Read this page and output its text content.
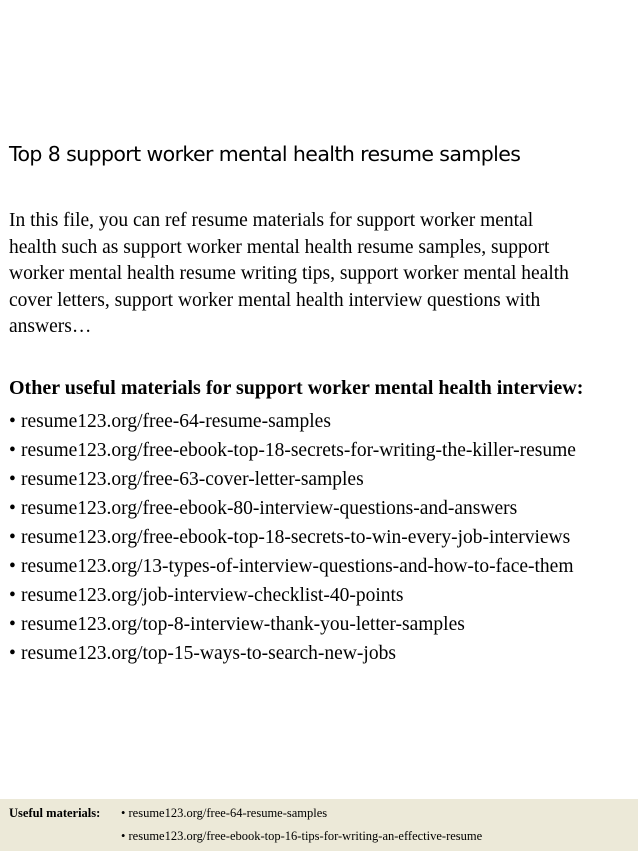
Top 8 support worker mental health resume samples

In this file, you can ref resume materials for support worker mental
health such as support worker mental health resume samples, support
worker mental health resume writing tips, support worker mental health
cover letters, support worker mental health interview questions with
answers…

Other useful materials for support worker mental health interview:
• resume123.org/free-64-resume-samples
• resume123.org/free-ebook-top-18-secrets-for-writing-the-killer-resume
• resume123.org/free-63-cover-letter-samples
• resume123.org/free-ebook-80-interview-questions-and-answers
• resume123.org/free-ebook-top-18-secrets-to-win-every-job-interviews
• resume123.org/13-types-of-interview-questions-and-how-to-face-them
• resume123.org/job-interview-checklist-40-points
• resume123.org/top-8-interview-thank-you-letter-samples
• resume123.org/top-15-ways-to-search-new-jobs
Useful materials: • resume123.org/free-64-resume-samples
• resume123.org/free-ebook-top-16-tips-for-writing-an-effective-resume
